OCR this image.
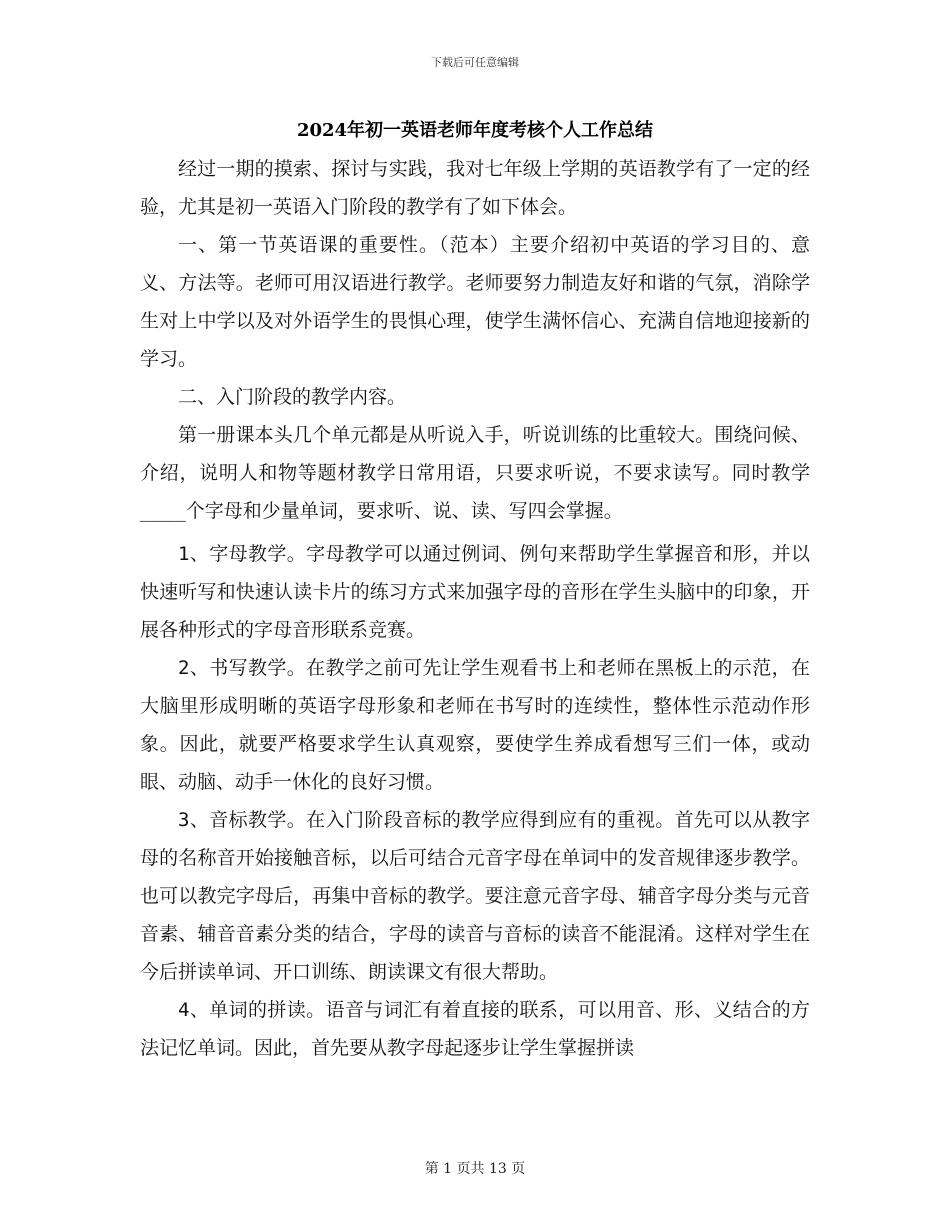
下载后可任意编辑
2024年初一英语老师年度考核个人工作总结

经过一期的摸索、探讨与实践，我对七年级上学期的英语教学有了一定的经验，尤其是初一英语入门阶段的教学有了如下体会。

一、第一节英语课的重要性。（范本）主要介绍初中英语的学习目的、意义、方法等。老师可用汉语进行教学。老师要努力制造友好和谐的气氛，消除学生对上中学以及对外语学生的畏惧心理，使学生满怀信心、充满自信地迎接新的学习。

二、入门阶段的教学内容。

第一册课本头几个单元都是从听说入手，听说训练的比重较大。围绕问候、介绍，说明人和物等题材教学日常用语，只要求听说，不要求读写。同时教学____个字母和少量单词，要求听、说、读、写四会掌握。

1、字母教学。字母教学可以通过例词、例句来帮助学生掌握音和形，并以快速听写和快速认读卡片的练习方式来加强字母的音形在学生头脑中的印象，开展各种形式的字母音形联系竞赛。

2、书写教学。在教学之前可先让学生观看书上和老师在黑板上的示范，在大脑里形成明晰的英语字母形象和老师在书写时的连续性，整体性示范动作形象。因此，就要严格要求学生认真观察，要使学生养成看想写三们一体，或动眼、动脑、动手一休化的良好习惯。

3、音标教学。在入门阶段音标的教学应得到应有的重视。首先可以从教字母的名称音开始接触音标，以后可结合元音字母在单词中的发音规律逐步教学。也可以教完字母后，再集中音标的教学。要注意元音字母、辅音字母分类与元音音素、辅音音素分类的结合，字母的读音与音标的读音不能混淆。这样对学生在今后拼读单词、开口训练、朗读课文有很大帮助。

4、单词的拼读。语音与词汇有着直接的联系，可以用音、形、义结合的方法记忆单词。因此，首先要从教字母起逐步让学生掌握拼读

第 1 页共 13 页
